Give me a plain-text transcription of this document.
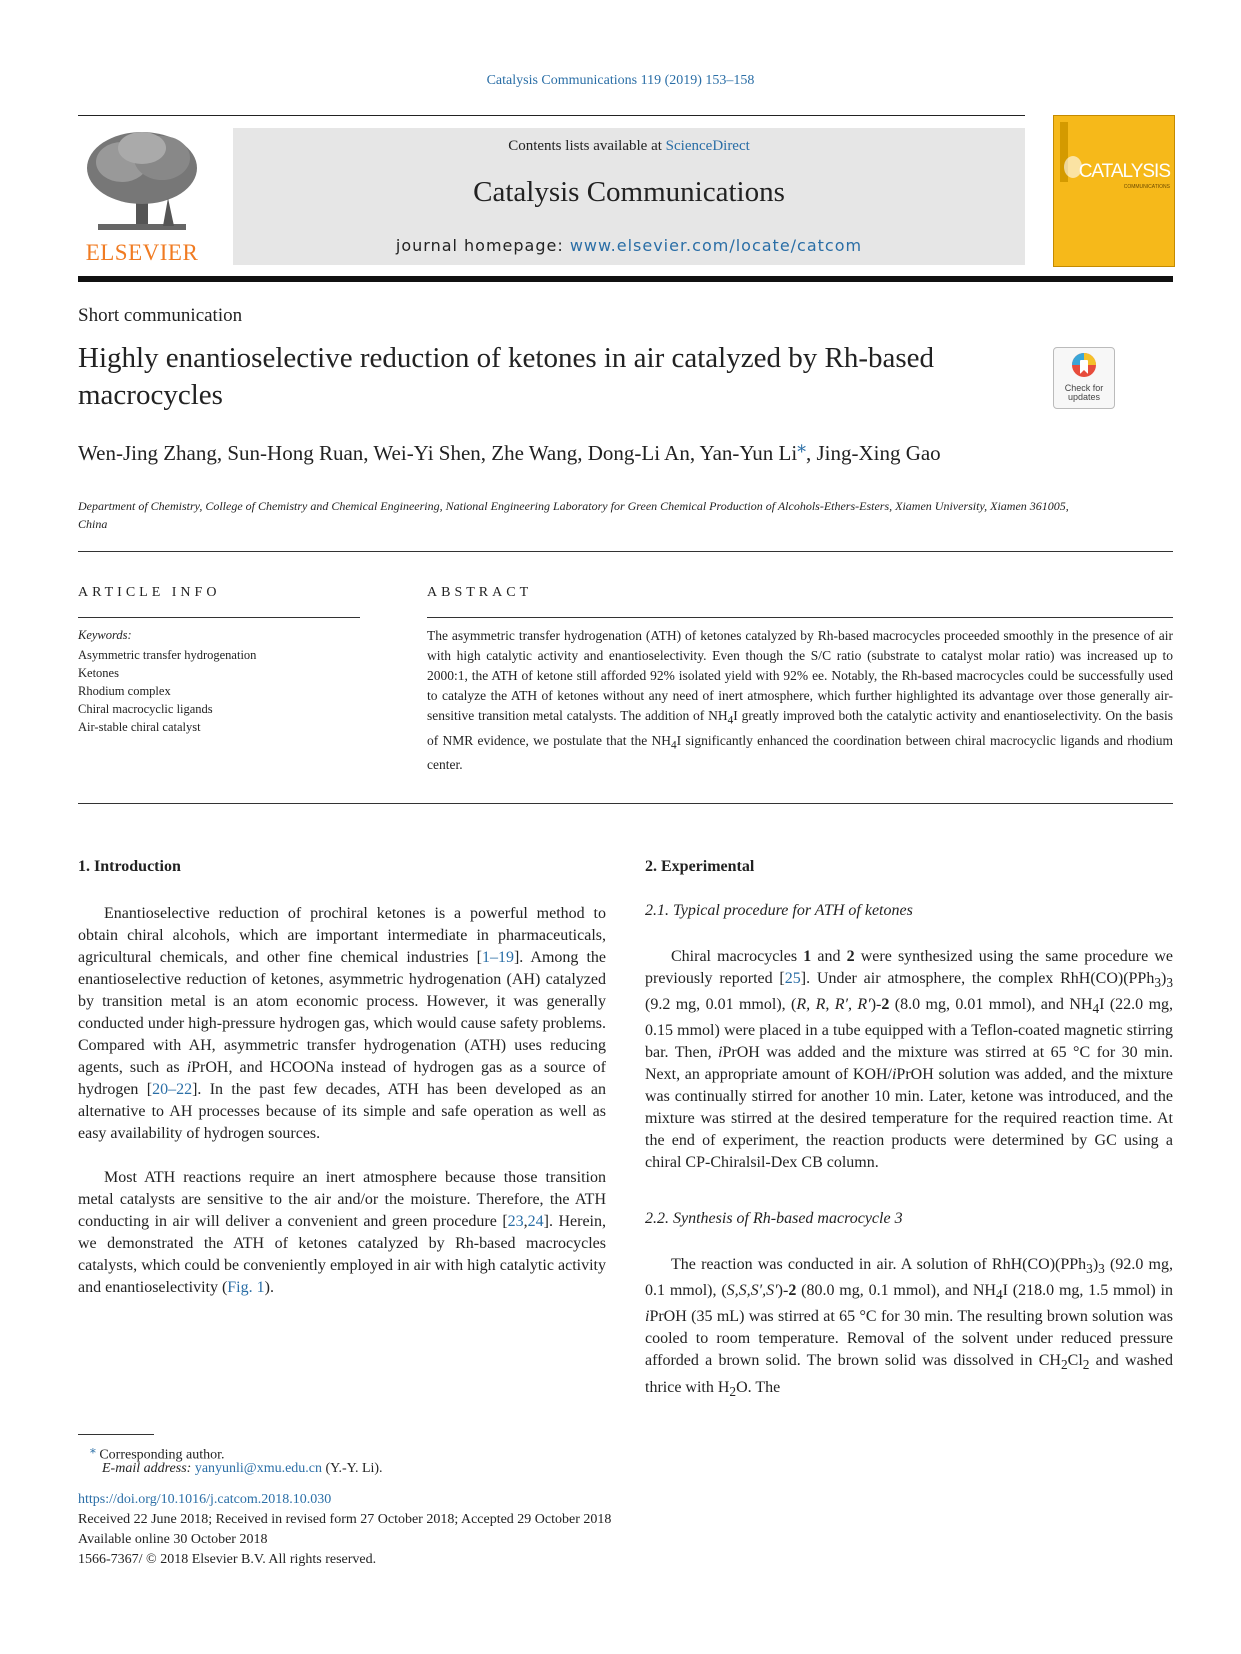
Catalysis Communications 119 (2019) 153–158
ELSEVIER
Contents lists available at ScienceDirect
Catalysis Communications
journal homepage: www.elsevier.com/locate/catcom
CATALYSIS
COMMUNICATIONS
Short communication
Highly enantioselective reduction of ketones in air catalyzed by Rh-based macrocycles	Check for updates
Wen-Jing Zhang, Sun-Hong Ruan, Wei-Yi Shen, Zhe Wang, Dong-Li An, Yan-Yun Li⁎, Jing-Xing Gao
Department of Chemistry, College of Chemistry and Chemical Engineering, National Engineering Laboratory for Green Chemical Production of Alcohols-Ethers-Esters, Xiamen University, Xiamen 361005, China
ARTICLE INFO	ABSTRACT
Keywords:
Asymmetric transfer hydrogenation
Ketones
Rhodium complex
Chiral macrocyclic ligands
Air-stable chiral catalyst
The asymmetric transfer hydrogenation (ATH) of ketones catalyzed by Rh-based macrocycles proceeded smoothly in the presence of air with high catalytic activity and enantioselectivity. Even though the S/C ratio (substrate to catalyst molar ratio) was increased up to 2000:1, the ATH of ketone still afforded 92% isolated yield with 92% ee. Notably, the Rh-based macrocycles could be successfully used to catalyze the ATH of ketones without any need of inert atmosphere, which further highlighted its advantage over those generally air-sensitive transition metal catalysts. The addition of $NH_4I$ greatly improved both the catalytic activity and enantioselectivity. On the basis of NMR evidence, we postulate that the $NH_4I$ significantly enhanced the coordination between chiral macrocyclic ligands and rhodium center.
1. Introduction
Enantioselective reduction of prochiral ketones is a powerful method to obtain chiral alcohols, which are important intermediate in pharmaceuticals, agricultural chemicals, and other fine chemical industries [1–19]. Among the enantioselective reduction of ketones, asymmetric hydrogenation (AH) catalyzed by transition metal is an atom economic process. However, it was generally conducted under high-pressure hydrogen gas, which would cause safety problems. Compared with AH, asymmetric transfer hydrogenation (ATH) uses reducing agents, such as iPrOH, and HCOONa instead of hydrogen gas as a source of hydrogen [20–22]. In the past few decades, ATH has been developed as an alternative to AH processes because of its simple and safe operation as well as easy availability of hydrogen sources.
Most ATH reactions require an inert atmosphere because those transition metal catalysts are sensitive to the air and/or the moisture. Therefore, the ATH conducting in air will deliver a convenient and green procedure [23,24]. Herein, we demonstrated the ATH of ketones catalyzed by Rh-based macrocycles catalysts, which could be conveniently employed in air with high catalytic activity and enantioselectivity (Fig. 1).
2. Experimental
2.1. Typical procedure for ATH of ketones
Chiral macrocycles 1 and 2 were synthesized using the same procedure we previously reported [25]. Under air atmosphere, the complex $RhH(CO)(PPh_3)_3$ (9.2 mg, 0.01 mmol), (R, R, R′, R′)-2 (8.0 mg, 0.01 mmol), and $NH_4I$ (22.0 mg, 0.15 mmol) were placed in a tube equipped with a Teflon-coated magnetic stirring bar. Then, iPrOH was added and the mixture was stirred at 65 °C for 30 min. Next, an appropriate amount of KOH/iPrOH solution was added, and the mixture was continually stirred for another 10 min. Later, ketone was introduced, and the mixture was stirred at the desired temperature for the required reaction time. At the end of experiment, the reaction products were determined by GC using a chiral CP-Chiralsil-Dex CB column.
2.2. Synthesis of Rh-based macrocycle 3
The reaction was conducted in air. A solution of $RhH(CO)(PPh_3)_3$ (92.0 mg, 0.1 mmol), (S,S,S′,S′)-2 (80.0 mg, 0.1 mmol), and $NH_4I$ (218.0 mg, 1.5 mmol) in iPrOH (35 mL) was stirred at 65 °C for 30 min. The resulting brown solution was cooled to room temperature. Removal of the solvent under reduced pressure afforded a brown solid. The brown solid was dissolved in $CH_2Cl_2$ and washed thrice with $H_2O$. The
⁎ Corresponding author.
E-mail address: yanyunli@xmu.edu.cn (Y.-Y. Li).
https://doi.org/10.1016/j.catcom.2018.10.030
Received 22 June 2018; Received in revised form 27 October 2018; Accepted 29 October 2018
Available online 30 October 2018
1566-7367/ © 2018 Elsevier B.V. All rights reserved.
